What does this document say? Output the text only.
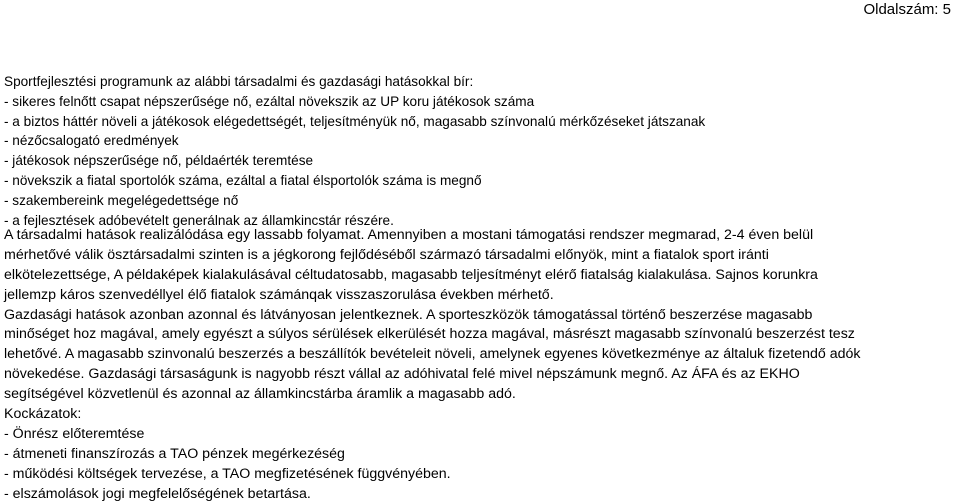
Oldalszám: 5
Sportfejlesztési programunk az alábbi társadalmi és gazdasági hatásokkal bír:
- sikeres felnőtt csapat népszerűsége nő, ezáltal növekszik az UP koru játékosok száma
- a biztos háttér növeli a játékosok elégedettségét, teljesítményük nő, magasabb színvonalú mérkőzéseket játszanak
- nézőcsalogató eredmények
- játékosok népszerűsége nő, példaérték teremtése
- növekszik a fiatal sportolók száma, ezáltal a fiatal élsportolók száma is megnő
- szakembereink megelégedettsége nő
- a fejlesztések adóbevételt generálnak az államkincstár részére.

A társadalmi hatások realizálódása egy lassabb folyamat. Amennyiben a mostani támogatási rendszer megmarad, 2-4 éven belül
mérhetővé válik ösztársadalmi szinten is a jégkorong fejlődéséből származó társadalmi előnyök, mint a fiatalok sport iránti
elkötelezettsége, A példaképek kialakulásával céltudatosabb, magasabb teljesítményt elérő fiatalság kialakulása. Sajnos korunkra
jellemzp káros szenvedéllyel élő fiatalok számánqak visszaszorulása években mérhető.

Gazdasági hatások azonban azonnal és látványosan jelentkeznek. A sporteszközök támogatással történő beszerzése magasabb
minőséget hoz magával, amely egyészt a súlyos sérülések elkerülését hozza magával, másrészt magasabb színvonalú beszerzést tesz
lehetővé. A magasabb szinvonalú beszerzés a beszállítók bevételeit növeli, amelynek egyenes következménye az általuk fizetendő adók
növekedése. Gazdasági társaságunk is nagyobb részt vállal az adóhivatal felé mivel népszámunk megnő. Az ÁFA és az EKHO
segítségével közvetlenül és azonnal az államkincstárba áramlik a magasabb adó.

Kockázatok:
- Önrész előteremtése
- átmeneti finanszírozás a TAO pénzek megérkezéség
- működési költségek tervezése, a TAO megfizetésének függvényében.
- elszámolások jogi megfelelőségének betartása.
